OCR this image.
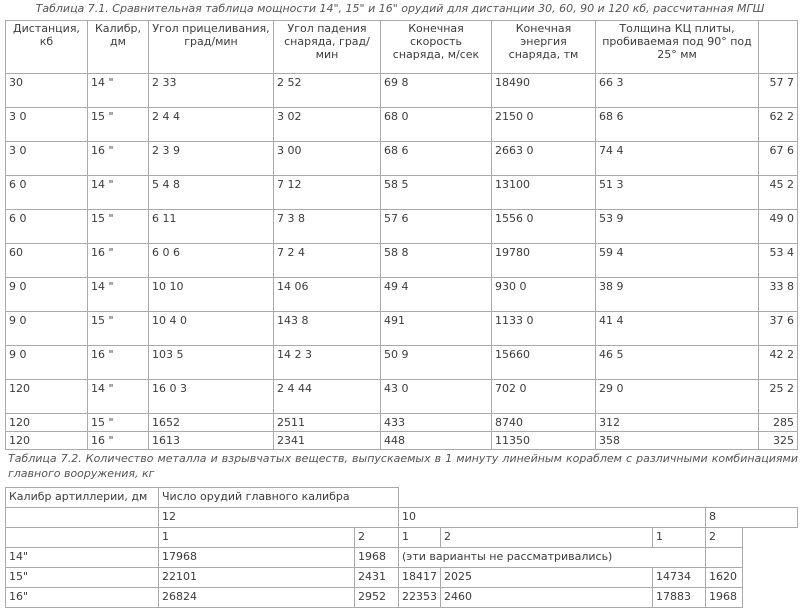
Таблица 7.1. Сравнительная таблица мощности 14", 15" и 16" орудий для дистанции 30, 60, 90 и 120 кб, рассчитанная МГШ
Дистанция, кб	Калибр, дм	Угол прицеливания, град/мин	Угол падения снаряда, град/мин	Конечная скорость снаряда, м/сек	Конечная энергия снаряда, тм	Толщина КЦ плиты, пробиваемая под 90° под 25° мм	
30	14 "	2 33	2 52	69 8	18490	66 3	57 7
3 0	15 "	2 4 4	3 02	68 0	2150 0	68 6	62 2
3 0	16 "	2 3 9	3 00	68 6	2663 0	74 4	67 6
6 0	14 "	5 4 8	7 12	58 5	13100	51 3	45 2
6 0	15 "	6 11	7 3 8	57 6	1556 0	53 9	49 0
60	16 "	6 0 6	7 2 4	58 8	19780	59 4	53 4
9 0	14 "	10 10	14 06	49 4	930 0	38 9	33 8
9 0	15 "	10 4 0	143 8	491	1133 0	41 4	37 6
9 0	16 "	103 5	14 2 3	50 9	15660	46 5	42 2
120	14 "	16 0 3	2 4 44	43 0	702 0	29 0	25 2
120	15 "	1652	2511	433	8740	312	285
120	16 "	1613	2341	448	11350	358	325
Таблица 7.2. Количество металла и взрывчатых веществ, выпускаемых в 1 минуту линейным кораблем с различными комбинациями главного вооружения, кг
Калибр артиллерии, дм	Число орудий главного калибра						
	12		10			8	
	1	2	1	2	1	2	
14"	17968	1968	(эти варианты не рассматривались)				
15"	22101	2431	18417	2025	14734	1620	
16"	26824	2952	22353	2460	17883	1968	
